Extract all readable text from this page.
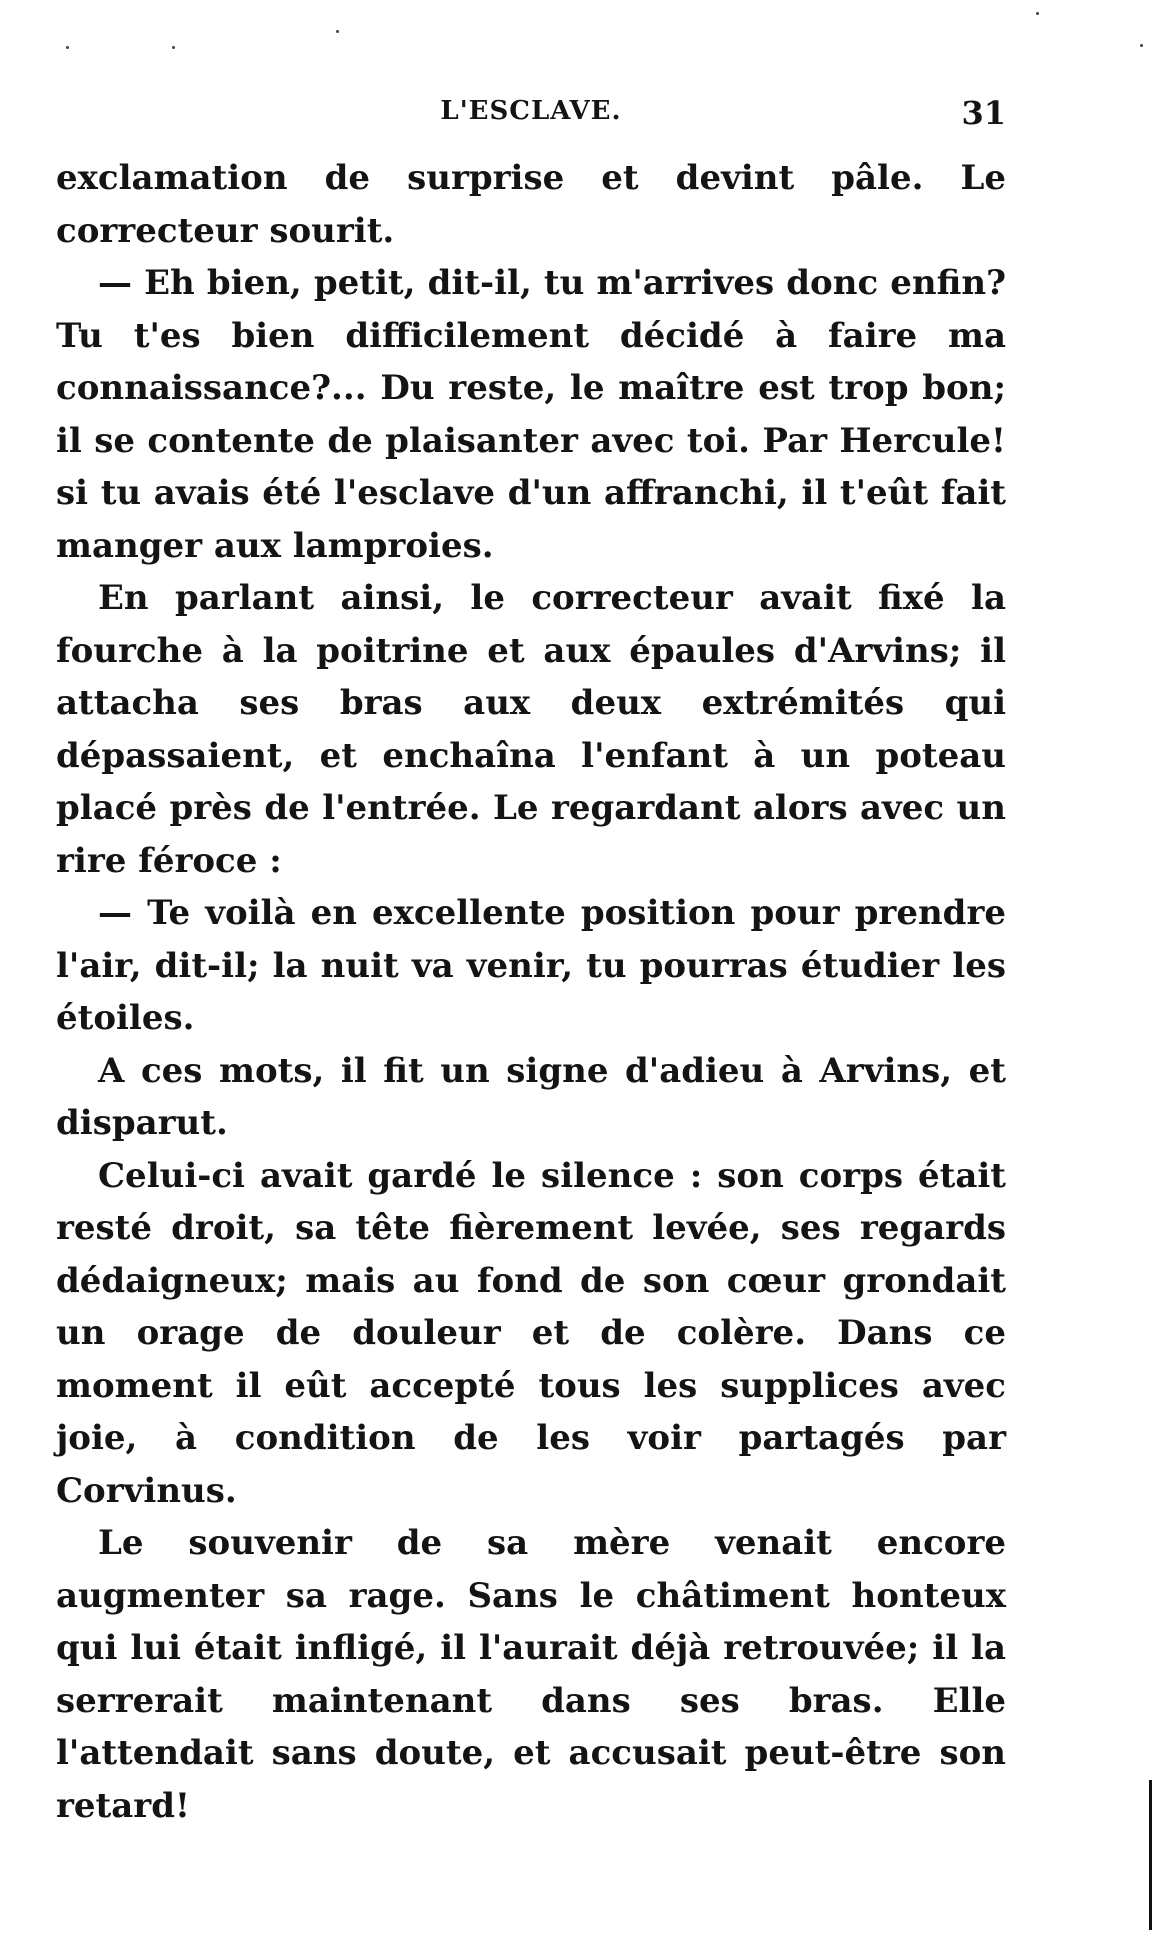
L'ESCLAVE.	31

exclamation de surprise et devint pâle. Le correcteur sourit.

— Eh bien, petit, dit-il, tu m'arrives donc enfin? Tu t'es bien difficilement décidé à faire ma connaissance?... Du reste, le maître est trop bon; il se contente de plaisanter avec toi. Par Hercule! si tu avais été l'esclave d'un affranchi, il t'eût fait manger aux lamproies.

En parlant ainsi, le correcteur avait fixé la fourche à la poitrine et aux épaules d'Arvins; il attacha ses bras aux deux extrémités qui dépassaient, et enchaîna l'enfant à un poteau placé près de l'entrée. Le regardant alors avec un rire féroce :

— Te voilà en excellente position pour prendre l'air, dit-il; la nuit va venir, tu pourras étudier les étoiles.

A ces mots, il fit un signe d'adieu à Arvins, et disparut.

Celui-ci avait gardé le silence : son corps était resté droit, sa tête fièrement levée, ses regards dédaigneux; mais au fond de son cœur grondait un orage de douleur et de colère. Dans ce moment il eût accepté tous les supplices avec joie, à condition de les voir partagés par Corvinus.

Le souvenir de sa mère venait encore augmenter sa rage. Sans le châtiment honteux qui lui était infligé, il l'aurait déjà retrouvée; il la serrerait maintenant dans ses bras. Elle l'attendait sans doute, et accusait peut-être son retard!
